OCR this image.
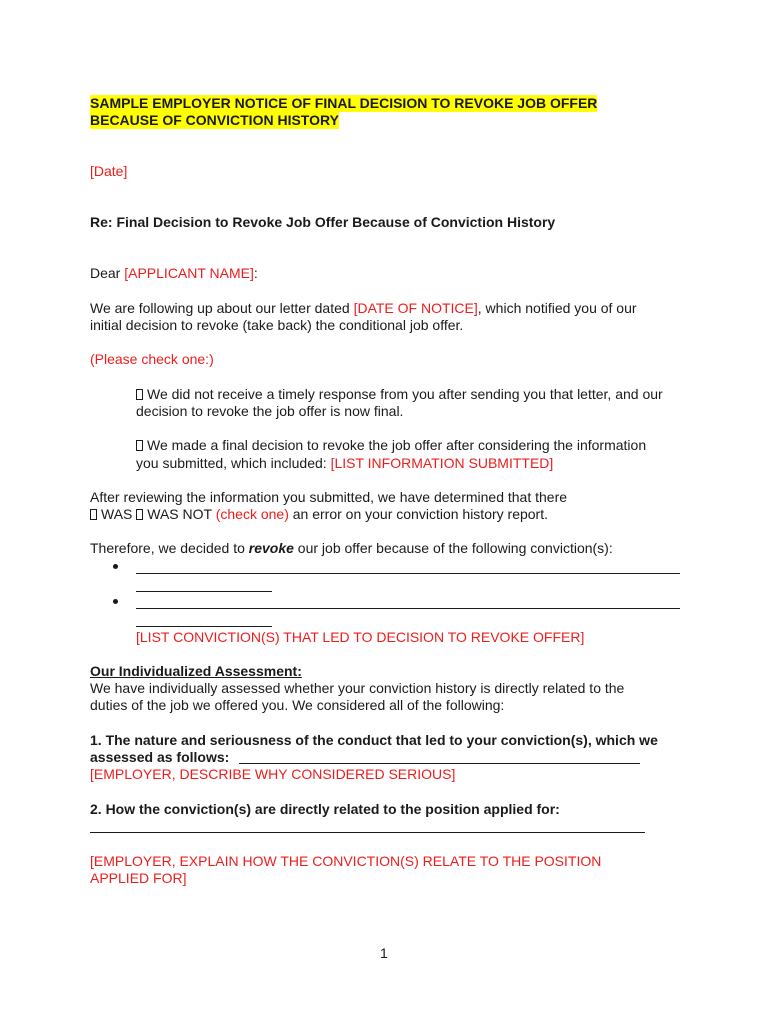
SAMPLE EMPLOYER NOTICE OF FINAL DECISION TO REVOKE JOB OFFER
BECAUSE OF CONVICTION HISTORY
[Date]
Re: Final Decision to Revoke Job Offer Because of Conviction History
Dear [APPLICANT NAME]:
We are following up about our letter dated [DATE OF NOTICE], which notified you of our
initial decision to revoke (take back) the conditional job offer.
(Please check one:)
We did not receive a timely response from you after sending you that letter, and our
decision to revoke the job offer is now final.
We made a final decision to revoke the job offer after considering the information
you submitted, which included: [LIST INFORMATION SUBMITTED]
After reviewing the information you submitted, we have determined that there
WAS WAS NOT (check one) an error on your conviction history report.
Therefore, we decided to revoke our job offer because of the following conviction(s):
[LIST CONVICTION(S) THAT LED TO DECISION TO REVOKE OFFER]
Our Individualized Assessment:
We have individually assessed whether your conviction history is directly related to the
duties of the job we offered you. We considered all of the following:
1. The nature and seriousness of the conduct that led to your conviction(s), which we
assessed as follows:
[EMPLOYER, DESCRIBE WHY CONSIDERED SERIOUS]
2. How the conviction(s) are directly related to the position applied for:
[EMPLOYER, EXPLAIN HOW THE CONVICTION(S) RELATE TO THE POSITION
APPLIED FOR]
1
